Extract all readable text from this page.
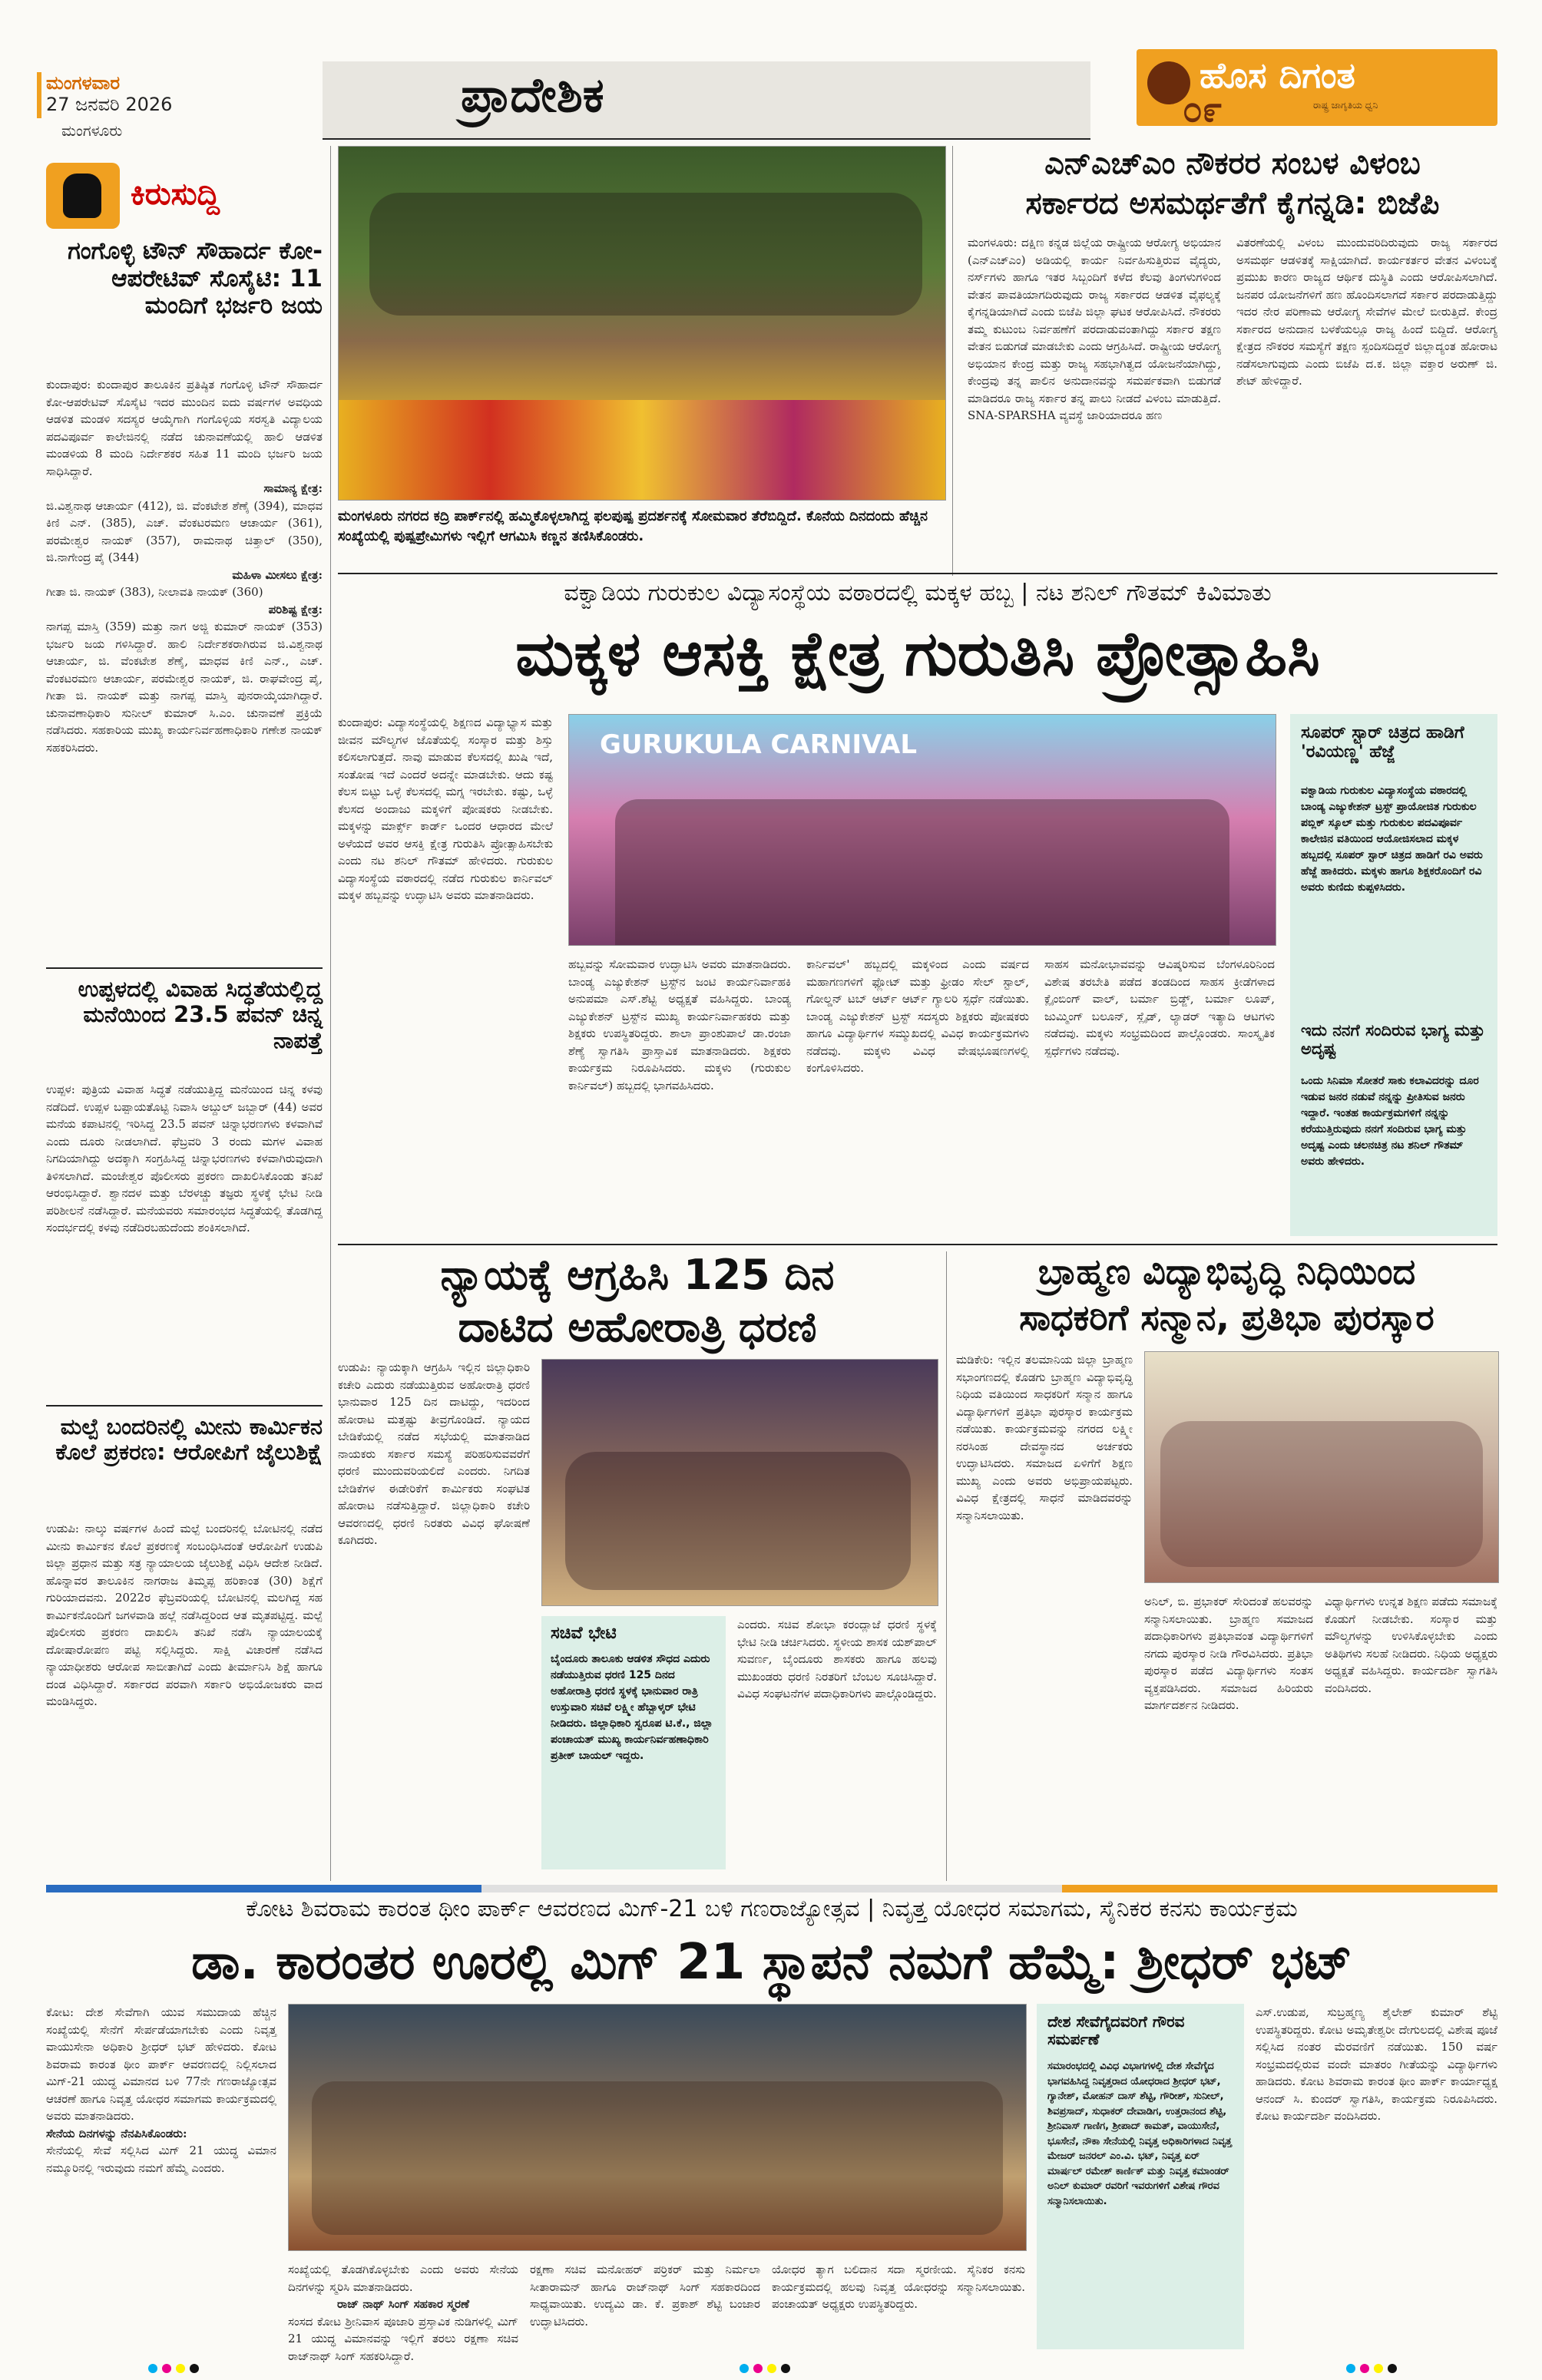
ಮಂಗಳವಾರ
27 ಜನವರಿ 2026
ಮಂಗಳೂರು
ಪ್ರಾದೇಶಿಕ	ಹೊಸ ದಿಗಂತ
ರಾಷ್ಟ್ರ ಜಾಗೃತಿಯ ಧ್ವನಿ
೦೯
ಕಿರುಸುದ್ದಿ
ಗಂಗೊಳ್ಳಿ ಟೌನ್ ಸೌಹಾರ್ದ ಕೋ-ಆಪರೇಟಿವ್ ಸೊಸೈಟಿ: 11 ಮಂದಿಗೆ ಭರ್ಜರಿ ಜಯ
ಕುಂದಾಪುರ: ಕುಂದಾಪುರ ತಾಲೂಕಿನ ಪ್ರತಿಷ್ಠಿತ ಗಂಗೊಳ್ಳಿ ಟೌನ್ ಸೌಹಾರ್ದ ಕೋ-ಆಪರೇಟಿವ್ ಸೊಸೈಟಿ ಇದರ ಮುಂದಿನ ಐದು ವರ್ಷಗಳ ಅವಧಿಯ ಆಡಳಿತ ಮಂಡಳಿ ಸದಸ್ಯರ ಆಯ್ಕೆಗಾಗಿ ಗಂಗೊಳ್ಳಿಯ ಸರಸ್ವತಿ ವಿದ್ಯಾಲಯ ಪದವಿಪೂರ್ವ ಕಾಲೇಜಿನಲ್ಲಿ ನಡೆದ ಚುನಾವಣೆಯಲ್ಲಿ ಹಾಲಿ ಆಡಳಿತ ಮಂಡಳಿಯ 8 ಮಂದಿ ನಿರ್ದೇಶಕರ ಸಹಿತ 11 ಮಂದಿ ಭರ್ಜರಿ ಜಯ ಸಾಧಿಸಿದ್ದಾರೆ.
ಸಾಮಾನ್ಯ ಕ್ಷೇತ್ರ:
ಜಿ.ವಿಶ್ವನಾಥ ಆಚಾರ್ಯ (412), ಜಿ. ವೆಂಕಟೇಶ ಶೆಣೈ (394), ಮಾಧವ ಕಿಣಿ ಎನ್. (385), ಎಚ್. ವೆಂಕಟರಮಣ ಆಚಾರ್ಯ (361), ಪರಮೇಶ್ವರ ನಾಯಕ್ (357), ರಾಮನಾಥ ಚಿತ್ತಾಲ್ (350), ಜಿ.ನಾಗೇಂದ್ರ ಪೈ (344)
ಮಹಿಳಾ ಮೀಸಲು ಕ್ಷೇತ್ರ:
ಗೀತಾ ಜಿ. ನಾಯಕ್ (383), ನೀಲಾವತಿ ನಾಯಕ್ (360)
ಪರಿಶಿಷ್ಟ ಕ್ಷೇತ್ರ:
ನಾಗಪ್ಪ ಮಾಸ್ತಿ (359) ಮತ್ತು ನಾಗ ಅಜ್ಜಿ ಕುಮಾರ್ ನಾಯಕ್ (353) ಭರ್ಜರಿ ಜಯ ಗಳಿಸಿದ್ದಾರೆ. ಹಾಲಿ ನಿರ್ದೇಶಕರಾಗಿರುವ ಜಿ.ವಿಶ್ವನಾಥ ಆಚಾರ್ಯ, ಜಿ. ವೆಂಕಟೇಶ ಶೆಣೈ, ಮಾಧವ ಕಿಣಿ ಎನ್., ಎಚ್. ವೆಂಕಟರಮಣ ಆಚಾರ್ಯ, ಪರಮೇಶ್ವರ ನಾಯಕ್, ಜಿ. ರಾಘವೇಂದ್ರ ಪೈ, ಗೀತಾ ಜಿ. ನಾಯಕ್ ಮತ್ತು ನಾಗಪ್ಪ ಮಾಸ್ತಿ ಪುನರಾಯ್ಕೆಯಾಗಿದ್ದಾರೆ. ಚುನಾವಣಾಧಿಕಾರಿ ಸುನೀಲ್ ಕುಮಾರ್ ಸಿ.ಎಂ. ಚುನಾವಣೆ ಪ್ರಕ್ರಿಯೆ ನಡೆಸಿದರು. ಸಹಕಾರಿಯ ಮುಖ್ಯ ಕಾರ್ಯನಿರ್ವಹಣಾಧಿಕಾರಿ ಗಣೇಶ ನಾಯಕ್ ಸಹಕರಿಸಿದರು.
ಉಪ್ಪಳದಲ್ಲಿ ವಿವಾಹ ಸಿದ್ಧತೆಯಲ್ಲಿದ್ದ ಮನೆಯಿಂದ 23.5 ಪವನ್ ಚಿನ್ನ ನಾಪತ್ತೆ
ಉಪ್ಪಳ: ಪುತ್ರಿಯ ವಿವಾಹ ಸಿದ್ಧತೆ ನಡೆಯುತ್ತಿದ್ದ ಮನೆಯಿಂದ ಚಿನ್ನ ಕಳವು ನಡೆದಿದೆ. ಉಪ್ಪಳ ಬಪ್ಪಾಯತೊಟ್ಟಿ ನಿವಾಸಿ ಅಬ್ದುಲ್ ಜಬ್ಬಾರ್ (44) ಅವರ ಮನೆಯ ಕಪಾಟಿನಲ್ಲಿ ಇರಿಸಿದ್ದ 23.5 ಪವನ್ ಚಿನ್ನಾಭರಣಗಳು ಕಳವಾಗಿವೆ ಎಂದು ದೂರು ನೀಡಲಾಗಿದೆ. ಫೆಬ್ರವರಿ 3 ರಂದು ಮಗಳ ವಿವಾಹ ನಿಗದಿಯಾಗಿದ್ದು ಅದಕ್ಕಾಗಿ ಸಂಗ್ರಹಿಸಿದ್ದ ಚಿನ್ನಾಭರಣಗಳು ಕಳವಾಗಿರುವುದಾಗಿ ತಿಳಿಸಲಾಗಿದೆ. ಮಂಜೇಶ್ವರ ಪೊಲೀಸರು ಪ್ರಕರಣ ದಾಖಲಿಸಿಕೊಂಡು ತನಿಖೆ ಆರಂಭಿಸಿದ್ದಾರೆ. ಶ್ವಾನದಳ ಮತ್ತು ಬೆರಳಚ್ಚು ತಜ್ಞರು ಸ್ಥಳಕ್ಕೆ ಭೇಟಿ ನೀಡಿ ಪರಿಶೀಲನೆ ನಡೆಸಿದ್ದಾರೆ. ಮನೆಯವರು ಸಮಾರಂಭದ ಸಿದ್ಧತೆಯಲ್ಲಿ ತೊಡಗಿದ್ದ ಸಂದರ್ಭದಲ್ಲಿ ಕಳವು ನಡೆದಿರಬಹುದೆಂದು ಶಂಕಿಸಲಾಗಿದೆ.
ಮಲ್ಪೆ ಬಂದರಿನಲ್ಲಿ ಮೀನು ಕಾರ್ಮಿಕನ ಕೊಲೆ ಪ್ರಕರಣ: ಆರೋಪಿಗೆ ಜೈಲುಶಿಕ್ಷೆ
ಉಡುಪಿ: ನಾಲ್ಕು ವರ್ಷಗಳ ಹಿಂದೆ ಮಲ್ಪೆ ಬಂದರಿನಲ್ಲಿ ಬೋಟಿನಲ್ಲಿ ನಡೆದ ಮೀನು ಕಾರ್ಮಿಕನ ಕೊಲೆ ಪ್ರಕರಣಕ್ಕೆ ಸಂಬಂಧಿಸಿದಂತೆ ಆರೋಪಿಗೆ ಉಡುಪಿ ಜಿಲ್ಲಾ ಪ್ರಧಾನ ಮತ್ತು ಸತ್ರ ನ್ಯಾಯಾಲಯ ಜೈಲುಶಿಕ್ಷೆ ವಿಧಿಸಿ ಆದೇಶ ನೀಡಿದೆ. ಹೊನ್ನಾವರ ತಾಲೂಕಿನ ನಾಗರಾಜ ತಿಮ್ಮಪ್ಪ ಹರಿಕಾಂತ (30) ಶಿಕ್ಷೆಗೆ ಗುರಿಯಾದವನು. 2022ರ ಫೆಬ್ರವರಿಯಲ್ಲಿ ಬೋಟಿನಲ್ಲಿ ಮಲಗಿದ್ದ ಸಹ ಕಾರ್ಮಿಕನೊಂದಿಗೆ ಜಗಳವಾಡಿ ಹಲ್ಲೆ ನಡೆಸಿದ್ದರಿಂದ ಆತ ಮೃತಪಟ್ಟಿದ್ದ. ಮಲ್ಪೆ ಪೊಲೀಸರು ಪ್ರಕರಣ ದಾಖಲಿಸಿ ತನಿಖೆ ನಡೆಸಿ ನ್ಯಾಯಾಲಯಕ್ಕೆ ದೋಷಾರೋಪಣ ಪಟ್ಟಿ ಸಲ್ಲಿಸಿದ್ದರು. ಸಾಕ್ಷಿ ವಿಚಾರಣೆ ನಡೆಸಿದ ನ್ಯಾಯಾಧೀಶರು ಆರೋಪ ಸಾಬೀತಾಗಿದೆ ಎಂದು ತೀರ್ಮಾನಿಸಿ ಶಿಕ್ಷೆ ಹಾಗೂ ದಂಡ ವಿಧಿಸಿದ್ದಾರೆ. ಸರ್ಕಾರದ ಪರವಾಗಿ ಸರ್ಕಾರಿ ಅಭಿಯೋಜಕರು ವಾದ ಮಂಡಿಸಿದ್ದರು.
ಮಂಗಳೂರು ನಗರದ ಕದ್ರಿ ಪಾರ್ಕ್‌ನಲ್ಲಿ ಹಮ್ಮಿಕೊಳ್ಳಲಾಗಿದ್ದ ಫಲಪುಷ್ಪ ಪ್ರದರ್ಶನಕ್ಕೆ ಸೋಮವಾರ ತೆರೆಬಿದ್ದಿದೆ. ಕೊನೆಯ ದಿನದಂದು ಹೆಚ್ಚಿನ ಸಂಖ್ಯೆಯಲ್ಲಿ ಪುಷ್ಪಪ್ರೇಮಿಗಳು ಇಲ್ಲಿಗೆ ಆಗಮಿಸಿ ಕಣ್ಣನ ತಣಿಸಿಕೊಂಡರು.
ಎನ್‌ಎಚ್‌ಎಂ ನೌಕರರ ಸಂಬಳ ವಿಳಂಬ
ಸರ್ಕಾರದ ಅಸಮರ್ಥತೆಗೆ ಕೈಗನ್ನಡಿ: ಬಿಜೆಪಿ
ಮಂಗಳೂರು: ದಕ್ಷಿಣ ಕನ್ನಡ ಜಿಲ್ಲೆಯ ರಾಷ್ಟ್ರೀಯ ಆರೋಗ್ಯ ಅಭಿಯಾನ (ಎನ್‌ಎಚ್‌ಎಂ) ಅಡಿಯಲ್ಲಿ ಕಾರ್ಯ ನಿರ್ವಹಿಸುತ್ತಿರುವ ವೈದ್ಯರು, ನರ್ಸ್‌ಗಳು ಹಾಗೂ ಇತರ ಸಿಬ್ಬಂದಿಗೆ ಕಳೆದ ಕೆಲವು ತಿಂಗಳುಗಳಿಂದ ವೇತನ ಪಾವತಿಯಾಗದಿರುವುದು ರಾಜ್ಯ ಸರ್ಕಾರದ ಆಡಳಿತ ವೈಫಲ್ಯಕ್ಕೆ ಕೈಗನ್ನಡಿಯಾಗಿದೆ ಎಂದು ಬಿಜೆಪಿ ಜಿಲ್ಲಾ ಘಟಕ ಆರೋಪಿಸಿದೆ. ನೌಕರರು ತಮ್ಮ ಕುಟುಂಬ ನಿರ್ವಹಣೆಗೆ ಪರದಾಡುವಂತಾಗಿದ್ದು ಸರ್ಕಾರ ತಕ್ಷಣ ವೇತನ ಬಿಡುಗಡೆ ಮಾಡಬೇಕು ಎಂದು ಆಗ್ರಹಿಸಿದೆ. ರಾಷ್ಟ್ರೀಯ ಆರೋಗ್ಯ ಅಭಿಯಾನ ಕೇಂದ್ರ ಮತ್ತು ರಾಜ್ಯ ಸಹಭಾಗಿತ್ವದ ಯೋಜನೆಯಾಗಿದ್ದು, ಕೇಂದ್ರವು ತನ್ನ ಪಾಲಿನ ಅನುದಾನವನ್ನು ಸಮರ್ಪಕವಾಗಿ ಬಿಡುಗಡೆ ಮಾಡಿದರೂ ರಾಜ್ಯ ಸರ್ಕಾರ ತನ್ನ ಪಾಲು ನೀಡದೆ ವಿಳಂಬ ಮಾಡುತ್ತಿದೆ. SNA-SPARSHA ವ್ಯವಸ್ಥೆ ಜಾರಿಯಾದರೂ ಹಣ
ವಿತರಣೆಯಲ್ಲಿ ವಿಳಂಬ ಮುಂದುವರಿದಿರುವುದು ರಾಜ್ಯ ಸರ್ಕಾರದ ಅಸಮರ್ಥ ಆಡಳಿತಕ್ಕೆ ಸಾಕ್ಷಿಯಾಗಿದೆ. ಕಾರ್ಯಕರ್ತರ ವೇತನ ವಿಳಂಬಕ್ಕೆ ಪ್ರಮುಖ ಕಾರಣ ರಾಜ್ಯದ ಆರ್ಥಿಕ ದುಸ್ಥಿತಿ ಎಂದು ಆರೋಪಿಸಲಾಗಿದೆ. ಜನಪರ ಯೋಜನೆಗಳಿಗೆ ಹಣ ಹೊಂದಿಸಲಾಗದೆ ಸರ್ಕಾರ ಪರದಾಡುತ್ತಿದ್ದು ಇದರ ನೇರ ಪರಿಣಾಮ ಆರೋಗ್ಯ ಸೇವೆಗಳ ಮೇಲೆ ಬೀರುತ್ತಿದೆ. ಕೇಂದ್ರ ಸರ್ಕಾರದ ಅನುದಾನ ಬಳಕೆಯಲ್ಲೂ ರಾಜ್ಯ ಹಿಂದೆ ಬಿದ್ದಿದೆ. ಆರೋಗ್ಯ ಕ್ಷೇತ್ರದ ನೌಕರರ ಸಮಸ್ಯೆಗೆ ತಕ್ಷಣ ಸ್ಪಂದಿಸದಿದ್ದರೆ ಜಿಲ್ಲಾದ್ಯಂತ ಹೋರಾಟ ನಡೆಸಲಾಗುವುದು ಎಂದು ಬಿಜೆಪಿ ದ.ಕ. ಜಿಲ್ಲಾ ವಕ್ತಾರ ಅರುಣ್ ಜಿ. ಶೇಟ್ ಹೇಳಿದ್ದಾರೆ.
ವಕ್ವಾಡಿಯ ಗುರುಕುಲ ವಿದ್ಯಾಸಂಸ್ಥೆಯ ವಠಾರದಲ್ಲಿ ಮಕ್ಕಳ ಹಬ್ಬ | ನಟ ಶನಿಲ್ ಗೌತಮ್ ಕಿವಿಮಾತು
ಮಕ್ಕಳ ಆಸಕ್ತಿ ಕ್ಷೇತ್ರ ಗುರುತಿಸಿ ಪ್ರೋತ್ಸಾಹಿಸಿ
ಕುಂದಾಪುರ: ವಿದ್ಯಾಸಂಸ್ಥೆಯಲ್ಲಿ ಶಿಕ್ಷಣದ ವಿದ್ಯಾಭ್ಯಾಸ ಮತ್ತು ಜೀವನ ಮೌಲ್ಯಗಳ ಜೊತೆಯಲ್ಲಿ ಸಂಸ್ಕಾರ ಮತ್ತು ಶಿಸ್ತು ಕಲಿಸಲಾಗುತ್ತದೆ. ನಾವು ಮಾಡುವ ಕೆಲಸದಲ್ಲಿ ಖುಷಿ ಇದೆ, ಸಂತೋಷ ಇದೆ ಎಂದರೆ ಅದನ್ನೇ ಮಾಡಬೇಕು. ಆದು ಕಷ್ಟ ಕೆಲಸ ಬಿಟ್ಟು ಒಳ್ಳೆ ಕೆಲಸದಲ್ಲಿ ಮಗ್ನ ಇರಬೇಕು. ಕಷ್ಟು, ಒಳ್ಳೆ ಕೆಲಸದ ಅಂದಾಜು ಮಕ್ಕಳಿಗೆ ಪೋಷಕರು ನೀಡಬೇಕು. ಮಕ್ಕಳನ್ನು ಮಾರ್ಕ್ಸ್ ಕಾರ್ಡ್ ಒಂದರ ಆಧಾರದ ಮೇಲೆ ಅಳೆಯದೆ ಅವರ ಆಸಕ್ತಿ ಕ್ಷೇತ್ರ ಗುರುತಿಸಿ ಪ್ರೋತ್ಸಾಹಿಸಬೇಕು ಎಂದು ನಟ ಶನಿಲ್ ಗೌತಮ್ ಹೇಳಿದರು. ಗುರುಕುಲ ವಿದ್ಯಾಸಂಸ್ಥೆಯ ವಠಾರದಲ್ಲಿ ನಡೆದ ಗುರುಕುಲ ಕಾರ್ನಿವಲ್ ಮಕ್ಕಳ ಹಬ್ಬವನ್ನು ಉದ್ಘಾಟಿಸಿ ಅವರು ಮಾತನಾಡಿದರು.
GURUKULA CARNIVAL
ಹಬ್ಬವನ್ನು ಸೋಮವಾರ ಉದ್ಘಾಟಿಸಿ ಅವರು ಮಾತನಾಡಿದರು. ಬಾಂಡ್ಯ ಎಜ್ಯುಕೇಶನ್ ಟ್ರಸ್ಟ್‌ನ ಜಂಟಿ ಕಾರ್ಯನಿರ್ವಾಹಕಿ ಅನುಪಮಾ ಎಸ್.ಶೆಟ್ಟಿ ಅಧ್ಯಕ್ಷತೆ ವಹಿಸಿದ್ದರು. ಬಾಂಡ್ಯ ಎಜ್ಯುಕೇಶನ್ ಟ್ರಸ್ಟ್‌ನ ಮುಖ್ಯ ಕಾರ್ಯನಿರ್ವಾಹಕರು ಮತ್ತು ಶಿಕ್ಷಕರು ಉಪಸ್ಥಿತರಿದ್ದರು. ಶಾಲಾ ಪ್ರಾಂಶುಪಾಲೆ ಡಾ.ರಂಜಾ ಶೆಣ್ಯೆ ಸ್ವಾಗತಿಸಿ ಪ್ರಾಸ್ತಾವಿಕ ಮಾತನಾಡಿದರು. ಶಿಕ್ಷಕರು ಕಾರ್ಯಕ್ರಮ ನಿರೂಪಿಸಿದರು. ಮಕ್ಕಳು (ಗುರುಕುಲ ಕಾರ್ನಿವಲ್) ಹಬ್ಬದಲ್ಲಿ ಭಾಗವಹಿಸಿದರು.
ಕಾರ್ನಿವಲ್' ಹಬ್ಬದಲ್ಲಿ ಮಕ್ಕಳಿಂದ ಎಂದು ವರ್ಷದ ಮಹಾಗಣಗಳಿಗೆ ಫ್ಲೋಟ್ ಮತ್ತು ಫ್ರೀಡಂ ಸೇಲ್ ಸ್ಟಾಲ್, ಗೋಲ್ಡನ್ ಟಬ್ ಆರ್ಟ್ ಆರ್ಟ್ ಗ್ಯಾಲರಿ ಸ್ಪರ್ಧೆ ನಡೆಯಿತು. ಬಾಂಡ್ಯ ಎಜ್ಯುಕೇಶನ್ ಟ್ರಸ್ಟ್ ಸದಸ್ಯರು ಶಿಕ್ಷಕರು ಪೋಷಕರು ಹಾಗೂ ವಿದ್ಯಾರ್ಥಿಗಳ ಸಮ್ಮುಖದಲ್ಲಿ ವಿವಿಧ ಕಾರ್ಯಕ್ರಮಗಳು ನಡೆದವು. ಮಕ್ಕಳು ವಿವಿಧ ವೇಷಭೂಷಣಗಳಲ್ಲಿ ಕಂಗೊಳಿಸಿದರು.
ಸಾಹಸ ಮನೋಭಾವವನ್ನು ಆವಿಷ್ಕರಿಸುವ ಬೆಂಗಳೂರಿನಿಂದ ವಿಶೇಷ ತರಬೇತಿ ಪಡೆದ ತಂಡದಿಂದ ಸಾಹಸ ಕ್ರೀಡೆಗಳಾದ ಕ್ಲೈಂಬಿಂಗ್ ವಾಲ್, ಬರ್ಮಾ ಬ್ರಿಡ್ಜ್, ಬರ್ಮಾ ಲೂಪ್, ಜುಮ್ಮಿಂಗ್ ಬಲೂನ್, ಸ್ಲೈಡ್, ಲ್ಯಾಡರ್ ಇತ್ಯಾದಿ ಆಟಗಳು ನಡೆದವು. ಮಕ್ಕಳು ಸಂಭ್ರಮದಿಂದ ಪಾಲ್ಗೊಂಡರು. ಸಾಂಸ್ಕೃತಿಕ ಸ್ಪರ್ಧೆಗಳು ನಡೆದವು.
ಸೂಪರ್ ಸ್ಟಾರ್ ಚಿತ್ರದ ಹಾಡಿಗೆ 'ರವಿಯಣ್ಣ' ಹೆಜ್ಜೆ
ವಕ್ವಾಡಿಯ ಗುರುಕುಲ ವಿದ್ಯಾಸಂಸ್ಥೆಯ ವಠಾರದಲ್ಲಿ ಬಾಂಡ್ಯ ಎಜ್ಯುಕೇಶನ್ ಟ್ರಸ್ಟ್ ಪ್ರಾಯೋಜಿತ ಗುರುಕುಲ ಪಬ್ಲಿಕ್ ಸ್ಕೂಲ್ ಮತ್ತು ಗುರುಕುಲ ಪದವಿಪೂರ್ವ ಕಾಲೇಜಿನ ವತಿಯಿಂದ ಆಯೋಜಿಸಲಾದ ಮಕ್ಕಳ ಹಬ್ಬದಲ್ಲಿ ಸೂಪರ್ ಸ್ಟಾರ್ ಚಿತ್ರದ ಹಾಡಿಗೆ ರವಿ ಅವರು ಹೆಜ್ಜೆ ಹಾಕಿದರು. ಮಕ್ಕಳು ಹಾಗೂ ಶಿಕ್ಷಕರೊಂದಿಗೆ ರವಿ ಅವರು ಕುಣಿದು ಕುಪ್ಪಳಿಸಿದರು.
ಇದು ನನಗೆ ಸಂದಿರುವ ಭಾಗ್ಯ ಮತ್ತು ಅದೃಷ್ಟ
ಒಂದು ಸಿನಿಮಾ ಸೋತರೆ ಸಾಕು ಕಲಾವಿದರನ್ನು ದೂರ ಇಡುವ ಜನರ ನಡುವೆ ನನ್ನನ್ನು ಪ್ರೀತಿಸುವ ಜನರು ಇದ್ದಾರೆ. ಇಂತಹ ಕಾರ್ಯಕ್ರಮಗಳಿಗೆ ನನ್ನನ್ನು ಕರೆಯುತ್ತಿರುವುದು ನನಗೆ ಸಂದಿರುವ ಭಾಗ್ಯ ಮತ್ತು ಅದೃಷ್ಟ ಎಂದು ಚಲನಚಿತ್ರ ನಟ ಶನಿಲ್ ಗೌತಮ್ ಅವರು ಹೇಳಿದರು.
ನ್ಯಾಯಕ್ಕೆ ಆಗ್ರಹಿಸಿ 125 ದಿನ
ದಾಟಿದ ಅಹೋರಾತ್ರಿ ಧರಣಿ
ಉಡುಪಿ: ನ್ಯಾಯಕ್ಕಾಗಿ ಆಗ್ರಹಿಸಿ ಇಲ್ಲಿನ ಜಿಲ್ಲಾಧಿಕಾರಿ ಕಚೇರಿ ಎದುರು ನಡೆಯುತ್ತಿರುವ ಅಹೋರಾತ್ರಿ ಧರಣಿ ಭಾನುವಾರ 125 ದಿನ ದಾಟಿದ್ದು, ಇದರಿಂದ ಹೋರಾಟ ಮತ್ತಷ್ಟು ತೀವ್ರಗೊಂಡಿದೆ. ನ್ಯಾಯದ ಬೇಡಿಕೆಯಲ್ಲಿ ನಡೆದ ಸಭೆಯಲ್ಲಿ ಮಾತನಾಡಿದ ನಾಯಕರು ಸರ್ಕಾರ ಸಮಸ್ಯೆ ಪರಿಹರಿಸುವವರೆಗೆ ಧರಣಿ ಮುಂದುವರಿಯಲಿದೆ ಎಂದರು. ನಿಗದಿತ ಬೇಡಿಕೆಗಳ ಈಡೇರಿಕೆಗೆ ಕಾರ್ಮಿಕರು ಸಂಘಟಿತ ಹೋರಾಟ ನಡೆಸುತ್ತಿದ್ದಾರೆ. ಜಿಲ್ಲಾಧಿಕಾರಿ ಕಚೇರಿ ಆವರಣದಲ್ಲಿ ಧರಣಿ ನಿರತರು ವಿವಿಧ ಘೋಷಣೆ ಕೂಗಿದರು.
ಸಚಿವೆ ಭೇಟಿ
ಬೈಂದೂರು ತಾಲೂಕು ಆಡಳಿತ ಸೌಧದ ಎದುರು ನಡೆಯುತ್ತಿರುವ ಧರಣಿ 125 ದಿನದ ಅಹೋರಾತ್ರಿ ಧರಣಿ ಸ್ಥಳಕ್ಕೆ ಭಾನುವಾರ ರಾತ್ರಿ ಉಸ್ತುವಾರಿ ಸಚಿವೆ ಲಕ್ಷ್ಮೀ ಹೆಬ್ಬಾಳ್ಕರ್ ಭೇಟಿ ನೀಡಿದರು. ಜಿಲ್ಲಾಧಿಕಾರಿ ಸ್ವರೂಪ ಟಿ.ಕೆ., ಜಿಲ್ಲಾ ಪಂಚಾಯತ್ ಮುಖ್ಯ ಕಾರ್ಯನಿರ್ವಹಣಾಧಿಕಾರಿ ಪ್ರತೀಕ್ ಬಾಯಲ್ ಇದ್ದರು.
ಎಂದರು. ಸಚಿವ ಶೋಭಾ ಕರಂದ್ಲಾಜೆ ಧರಣಿ ಸ್ಥಳಕ್ಕೆ ಭೇಟಿ ನೀಡಿ ಚರ್ಚಿಸಿದರು. ಸ್ಥಳೀಯ ಶಾಸಕ ಯಶ್‌ಪಾಲ್ ಸುವರ್ಣ, ಬೈಂದೂರು ಶಾಸಕರು ಹಾಗೂ ಹಲವು ಮುಖಂಡರು ಧರಣಿ ನಿರತರಿಗೆ ಬೆಂಬಲ ಸೂಚಿಸಿದ್ದಾರೆ. ವಿವಿಧ ಸಂಘಟನೆಗಳ ಪದಾಧಿಕಾರಿಗಳು ಪಾಲ್ಗೊಂಡಿದ್ದರು.
ಬ್ರಾಹ್ಮಣ ವಿದ್ಯಾಭಿವೃದ್ಧಿ ನಿಧಿಯಿಂದ
ಸಾಧಕರಿಗೆ ಸನ್ಮಾನ, ಪ್ರತಿಭಾ ಪುರಸ್ಕಾರ
ಮಡಿಕೇರಿ: ಇಲ್ಲಿನ ತಲಮಾನಿಯ ಜಿಲ್ಲಾ ಬ್ರಾಹ್ಮಣ ಸಭಾಂಗಣದಲ್ಲಿ ಕೊಡಗು ಬ್ರಾಹ್ಮಣ ವಿದ್ಯಾಭಿವೃದ್ಧಿ ನಿಧಿಯ ವತಿಯಿಂದ ಸಾಧಕರಿಗೆ ಸನ್ಮಾನ ಹಾಗೂ ವಿದ್ಯಾರ್ಥಿಗಳಿಗೆ ಪ್ರತಿಭಾ ಪುರಸ್ಕಾರ ಕಾರ್ಯಕ್ರಮ ನಡೆಯಿತು. ಕಾರ್ಯಕ್ರಮವನ್ನು ನಗರದ ಲಕ್ಷ್ಮೀ ನರಸಿಂಹ ದೇವಸ್ಥಾನದ ಅರ್ಚಕರು ಉದ್ಘಾಟಿಸಿದರು. ಸಮಾಜದ ಏಳಿಗೆಗೆ ಶಿಕ್ಷಣ ಮುಖ್ಯ ಎಂದು ಅವರು ಅಭಿಪ್ರಾಯಪಟ್ಟರು. ವಿವಿಧ ಕ್ಷೇತ್ರದಲ್ಲಿ ಸಾಧನೆ ಮಾಡಿದವರನ್ನು ಸನ್ಮಾನಿಸಲಾಯಿತು.
ಅನಿಲ್, ಬಿ. ಪ್ರಭಾಕರ್ ಸೇರಿದಂತೆ ಹಲವರನ್ನು ಸನ್ಮಾನಿಸಲಾಯಿತು. ಬ್ರಾಹ್ಮಣ ಸಮಾಜದ ಪದಾಧಿಕಾರಿಗಳು ಪ್ರತಿಭಾವಂತ ವಿದ್ಯಾರ್ಥಿಗಳಿಗೆ ನಗದು ಪುರಸ್ಕಾರ ನೀಡಿ ಗೌರವಿಸಿದರು. ಪ್ರತಿಭಾ ಪುರಸ್ಕಾರ ಪಡೆದ ವಿದ್ಯಾರ್ಥಿಗಳು ಸಂತಸ ವ್ಯಕ್ತಪಡಿಸಿದರು. ಸಮಾಜದ ಹಿರಿಯರು ಮಾರ್ಗದರ್ಶನ ನೀಡಿದರು.
ವಿಧ್ಯಾರ್ಥಿಗಳು ಉನ್ನತ ಶಿಕ್ಷಣ ಪಡೆದು ಸಮಾಜಕ್ಕೆ ಕೊಡುಗೆ ನೀಡಬೇಕು. ಸಂಸ್ಕಾರ ಮತ್ತು ಮೌಲ್ಯಗಳನ್ನು ಉಳಿಸಿಕೊಳ್ಳಬೇಕು ಎಂದು ಅತಿಥಿಗಳು ಸಲಹೆ ನೀಡಿದರು. ನಿಧಿಯ ಅಧ್ಯಕ್ಷರು ಅಧ್ಯಕ್ಷತೆ ವಹಿಸಿದ್ದರು. ಕಾರ್ಯದರ್ಶಿ ಸ್ವಾಗತಿಸಿ ವಂದಿಸಿದರು.
ಕೋಟ ಶಿವರಾಮ ಕಾರಂತ ಥೀಂ ಪಾರ್ಕ್ ಆವರಣದ ಮಿಗ್-21 ಬಳಿ ಗಣರಾಜ್ಯೋತ್ಸವ | ನಿವೃತ್ತ ಯೋಧರ ಸಮಾಗಮ, ಸೈನಿಕರ ಕನಸು ಕಾರ್ಯಕ್ರಮ
ಡಾ. ಕಾರಂತರ ಊರಲ್ಲಿ ಮಿಗ್ 21 ಸ್ಥಾಪನೆ ನಮಗೆ ಹೆಮ್ಮೆ: ಶ್ರೀಧರ್ ಭಟ್
ಕೋಟ: ದೇಶ ಸೇವೆಗಾಗಿ ಯುವ ಸಮುದಾಯ ಹೆಚ್ಚಿನ ಸಂಖ್ಯೆಯಲ್ಲಿ ಸೇನೆಗೆ ಸೇರ್ಪಡೆಯಾಗಬೇಕು ಎಂದು ನಿವೃತ್ತ ವಾಯುಸೇನಾ ಅಧಿಕಾರಿ ಶ್ರೀಧರ್ ಭಟ್ ಹೇಳಿದರು. ಕೋಟ ಶಿವರಾಮ ಕಾರಂತ ಥೀಂ ಪಾರ್ಕ್ ಆವರಣದಲ್ಲಿ ನಿಲ್ಲಿಸಲಾದ ಮಿಗ್-21 ಯುದ್ಧ ವಿಮಾನದ ಬಳಿ 77ನೇ ಗಣರಾಜ್ಯೋತ್ಸವ ಆಚರಣೆ ಹಾಗೂ ನಿವೃತ್ತ ಯೋಧರ ಸಮಾಗಮ ಕಾರ್ಯಕ್ರಮದಲ್ಲಿ ಅವರು ಮಾತನಾಡಿದರು.
ಸೇನೆಯ ದಿನಗಳನ್ನು ನೆನಪಿಸಿಕೊಂಡರು:
ಸೇನೆಯಲ್ಲಿ ಸೇವೆ ಸಲ್ಲಿಸಿದ ಮಿಗ್ 21 ಯುದ್ಧ ವಿಮಾನ ನಮ್ಮೂರಿನಲ್ಲಿ ಇರುವುದು ನಮಗೆ ಹೆಮ್ಮೆ ಎಂದರು.
ಸಂಖ್ಯೆಯಲ್ಲಿ ತೊಡಗಿಕೊಳ್ಳಬೇಕು ಎಂದು ಅವರು ಸೇನೆಯ ದಿನಗಳನ್ನು ಸ್ಮರಿಸಿ ಮಾತನಾಡಿದರು.
ರಾಜ್ ನಾಥ್ ಸಿಂಗ್ ಸಹಕಾರ ಸ್ಮರಣೆ
ಸಂಸದ ಕೋಟ ಶ್ರೀನಿವಾಸ ಪೂಜಾರಿ ಪ್ರಸ್ತಾವಿಕ ನುಡಿಗಳಲ್ಲಿ ಮಿಗ್ 21 ಯುದ್ಧ ವಿಮಾನವನ್ನು ಇಲ್ಲಿಗೆ ತರಲು ರಕ್ಷಣಾ ಸಚಿವ ರಾಜ್‌ನಾಥ್ ಸಿಂಗ್ ಸಹಕರಿಸಿದ್ದಾರೆ.
ರಕ್ಷಣಾ ಸಚಿವ ಮನೋಹರ್ ಪರ್ರಿಕರ್ ಮತ್ತು ನಿರ್ಮಲಾ ಸೀತಾರಾಮನ್ ಹಾಗೂ ರಾಜ್‌ನಾಥ್ ಸಿಂಗ್ ಸಹಕಾರದಿಂದ ಸಾಧ್ಯವಾಯಿತು. ಉದ್ಯಮಿ ಡಾ. ಕೆ. ಪ್ರಕಾಶ್ ಶೆಟ್ಟಿ ಬಂಜಾರ ಉದ್ಘಾಟಿಸಿದರು.
ಯೋಧರ ತ್ಯಾಗ ಬಲಿದಾನ ಸದಾ ಸ್ಮರಣೀಯ. ಸೈನಿಕರ ಕನಸು ಕಾರ್ಯಕ್ರಮದಲ್ಲಿ ಹಲವು ನಿವೃತ್ತ ಯೋಧರನ್ನು ಸನ್ಮಾನಿಸಲಾಯಿತು. ಪಂಚಾಯತ್ ಅಧ್ಯಕ್ಷರು ಉಪಸ್ಥಿತರಿದ್ದರು.
ದೇಶ ಸೇವೆಗೈದವರಿಗೆ ಗೌರವ ಸಮರ್ಪಣೆ
ಸಮಾರಂಭದಲ್ಲಿ ವಿವಿಧ ವಿಭಾಗಗಳಲ್ಲಿ ದೇಶ ಸೇವೆಗೈದ ಭಾಗವಹಿಸಿದ್ದ ನಿವೃತ್ತರಾದ ಯೋಧರಾದ ಶ್ರೀಧರ್ ಭಟ್, ಗ್ಯಾನೇಶ್, ಮೋಹನ್ ದಾಸ್ ಶೆಟ್ಟಿ, ಗೌರೀಶ್, ಸುನೀಲ್, ಶಿವಪ್ರಸಾದ್, ಸುಧಾಕರ್ ದೇವಾಡಿಗ, ಉತ್ತರಾನಂದ ಶೆಟ್ಟಿ, ಶ್ರೀನಿವಾಸ್ ಗಾಣಿಗ, ಶ್ರೀಪಾದ್ ಕಾಮತ್, ವಾಯುಸೇನೆ, ಭೂಸೇನೆ, ನೌಕಾ ಸೇನೆಯಲ್ಲಿ ನಿವೃತ್ತ ಅಧಿಕಾರಿಗಳಾದ ನಿವೃತ್ತ ಮೇಜರ್ ಜನರಲ್ ಎಂ.ವಿ. ಭಟ್, ನಿವೃತ್ತ ಏರ್ ಮಾರ್ಷಲ್ ರಮೇಶ್ ಕಾರ್ಣಿಕ್ ಮತ್ತು ನಿವೃತ್ತ ಕಮಾಂಡರ್ ಅನಿಲ್ ಕುಮಾರ್ ರವರಿಗೆ ಇವರುಗಳಿಗೆ ವಿಶೇಷ ಗೌರವ ಸನ್ಮಾನಿಸಲಾಯಿತು.
ಎಸ್.ಉಡುಪ, ಸುಬ್ರಹ್ಮಣ್ಯ ಶೈಲೇಶ್ ಕುಮಾರ್ ಶೆಟ್ಟಿ ಉಪಸ್ಥಿತರಿದ್ದರು. ಕೋಟ ಅಮೃತೇಶ್ವರೀ ದೇಗುಲದಲ್ಲಿ ವಿಶೇಷ ಪೂಜೆ ಸಲ್ಲಿಸಿದ ನಂತರ ಮೆರವಣಿಗೆ ನಡೆಯಿತು. 150 ವರ್ಷ ಸಂಭ್ರಮದಲ್ಲಿರುವ ವಂದೇ ಮಾತರಂ ಗೀತೆಯನ್ನು ವಿದ್ಯಾರ್ಥಿಗಳು ಹಾಡಿದರು. ಕೋಟ ಶಿವರಾಮ ಕಾರಂತ ಥೀಂ ಪಾರ್ಕ್ ಕಾರ್ಯಾಧ್ಯಕ್ಷ ಆನಂದ್ ಸಿ. ಕುಂದರ್ ಸ್ವಾಗತಿಸಿ, ಕಾರ್ಯಕ್ರಮ ನಿರೂಪಿಸಿದರು. ಕೋಟ ಕಾರ್ಯದರ್ಶಿ ವಂದಿಸಿದರು.
